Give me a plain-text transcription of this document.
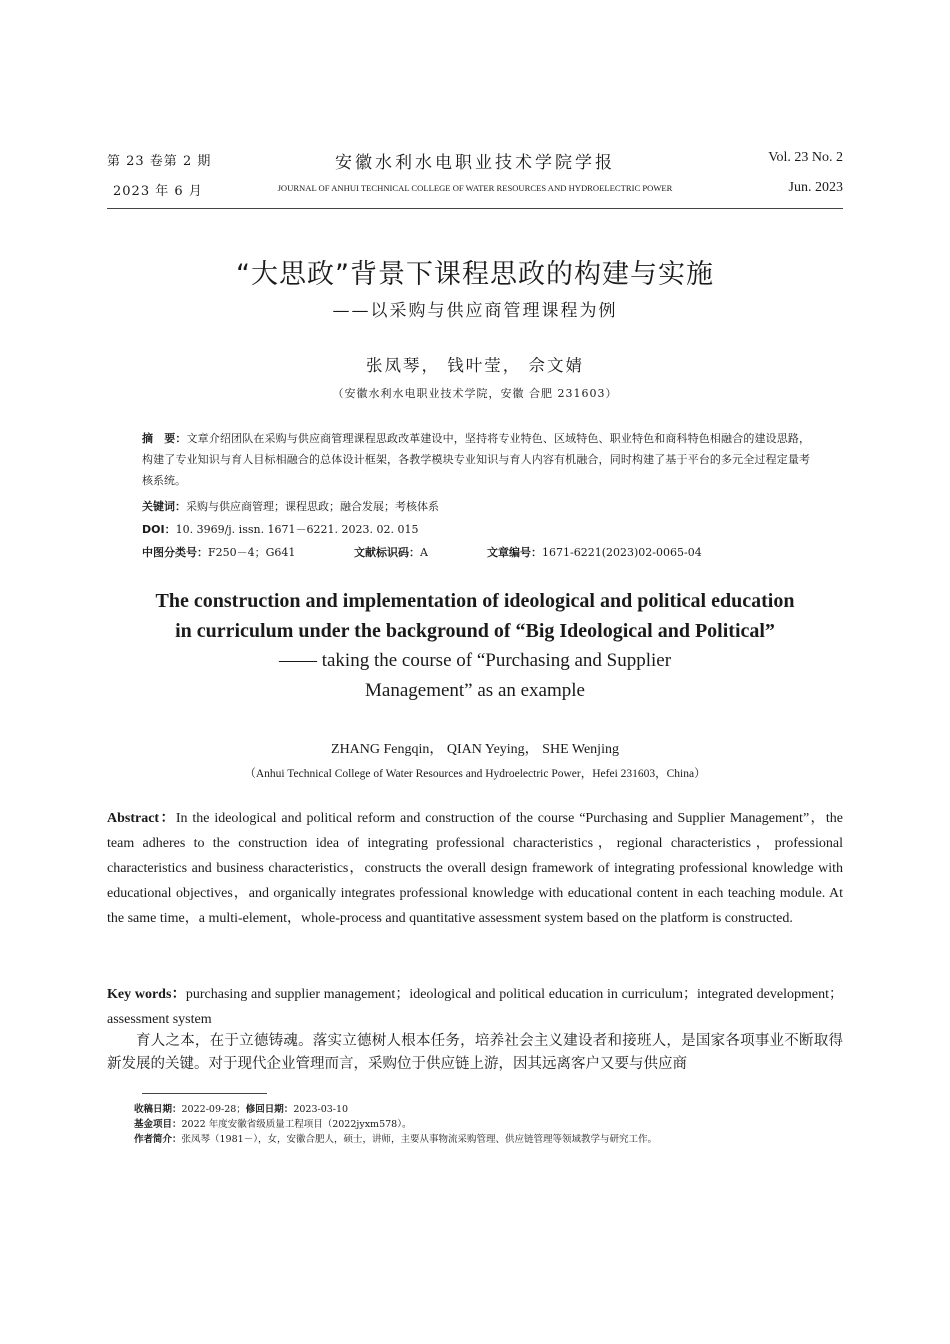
第 23 卷第 2 期	安徽水利水电职业技术学院学报	Vol. 23 No. 2
2023 年 6 月	JOURNAL OF ANHUI TECHNICAL COLLEGE OF WATER RESOURCES AND HYDROELECTRIC POWER	Jun. 2023
“大思政”背景下课程思政的构建与实施
——以采购与供应商管理课程为例
张凤琴， 钱叶莹， 佘文婧
（安徽水利水电职业技术学院，安徽 合肥 231603）
摘　要：文章介绍团队在采购与供应商管理课程思政改革建设中，坚持将专业特色、区域特色、职业特色和商科特色相融合的建设思路，构建了专业知识与育人目标相融合的总体设计框架，各教学模块专业知识与育人内容有机融合，同时构建了基于平台的多元全过程定量考核系统。
关键词：采购与供应商管理；课程思政；融合发展；考核体系
DOI：10. 3969/j. issn. 1671－6221. 2023. 02. 015
中图分类号：F250－4；G641	文献标识码：A	文章编号：1671-6221(2023)02-0065-04
The construction and implementation of ideological and political education
in curriculum under the background of “Big Ideological and Political”
—— taking the course of “Purchasing and Supplier
Management” as an example
ZHANG Fengqin， QIAN Yeying， SHE Wenjing
（Anhui Technical College of Water Resources and Hydroelectric Power，Hefei 231603，China）
Abstract：In the ideological and political reform and construction of the course “Purchasing and Supplier Management”，the team adheres to the construction idea of integrating professional characteristics，regional characteristics，professional characteristics and business characteristics，constructs the overall design framework of integrating professional knowledge with educational objectives，and organically integrates professional knowledge with educational content in each teaching module. At the same time，a multi-element，whole-process and quantitative assessment system based on the platform is constructed.
Key words：purchasing and supplier management；ideological and political education in curriculum；integrated development；assessment system
育人之本，在于立德铸魂。落实立德树人根本任务，培养社会主义建设者和接班人，是国家各项事业不断取得新发展的关键。对于现代企业管理而言，采购位于供应链上游，因其远离客户又要与供应商
收稿日期：2022-09-28；修回日期：2023-03-10
基金项目：2022 年度安徽省级质量工程项目（2022jyxm578）。
作者简介：张凤琴（1981－），女，安徽合肥人，硕士，讲师，主要从事物流采购管理、供应链管理等领域教学与研究工作。
